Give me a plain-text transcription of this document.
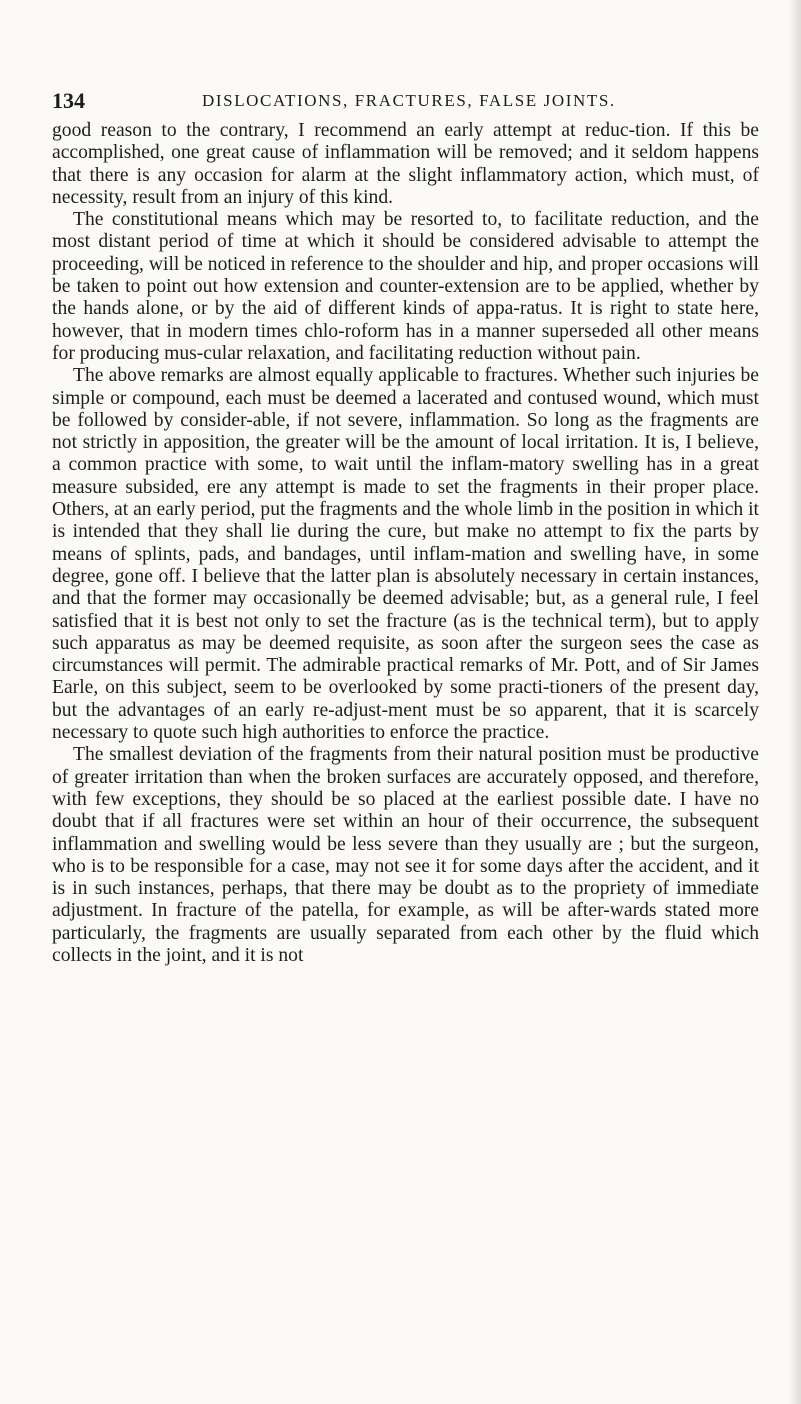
134	DISLOCATIONS, FRACTURES, FALSE JOINTS.

good reason to the contrary, I recommend an early attempt at reduc-tion. If this be accomplished, one great cause of inflammation will be removed; and it seldom happens that there is any occasion for alarm at the slight inflammatory action, which must, of necessity, result from an injury of this kind.

The constitutional means which may be resorted to, to facilitate reduction, and the most distant period of time at which it should be considered advisable to attempt the proceeding, will be noticed in reference to the shoulder and hip, and proper occasions will be taken to point out how extension and counter-extension are to be applied, whether by the hands alone, or by the aid of different kinds of appa-ratus. It is right to state here, however, that in modern times chlo-roform has in a manner superseded all other means for producing mus-cular relaxation, and facilitating reduction without pain.

The above remarks are almost equally applicable to fractures. Whether such injuries be simple or compound, each must be deemed a lacerated and contused wound, which must be followed by consider-able, if not severe, inflammation. So long as the fragments are not strictly in apposition, the greater will be the amount of local irritation. It is, I believe, a common practice with some, to wait until the inflam-matory swelling has in a great measure subsided, ere any attempt is made to set the fragments in their proper place. Others, at an early period, put the fragments and the whole limb in the position in which it is intended that they shall lie during the cure, but make no attempt to fix the parts by means of splints, pads, and bandages, until inflam-mation and swelling have, in some degree, gone off. I believe that the latter plan is absolutely necessary in certain instances, and that the former may occasionally be deemed advisable; but, as a general rule, I feel satisfied that it is best not only to set the fracture (as is the technical term), but to apply such apparatus as may be deemed requisite, as soon after the surgeon sees the case as circumstances will permit. The admirable practical remarks of Mr. Pott, and of Sir James Earle, on this subject, seem to be overlooked by some practi-tioners of the present day, but the advantages of an early re-adjust-ment must be so apparent, that it is scarcely necessary to quote such high authorities to enforce the practice.

The smallest deviation of the fragments from their natural position must be productive of greater irritation than when the broken surfaces are accurately opposed, and therefore, with few exceptions, they should be so placed at the earliest possible date. I have no doubt that if all fractures were set within an hour of their occurrence, the subsequent inflammation and swelling would be less severe than they usually are ; but the surgeon, who is to be responsible for a case, may not see it for some days after the accident, and it is in such instances, perhaps, that there may be doubt as to the propriety of immediate adjustment. In fracture of the patella, for example, as will be after-wards stated more particularly, the fragments are usually separated from each other by the fluid which collects in the joint, and it is not
